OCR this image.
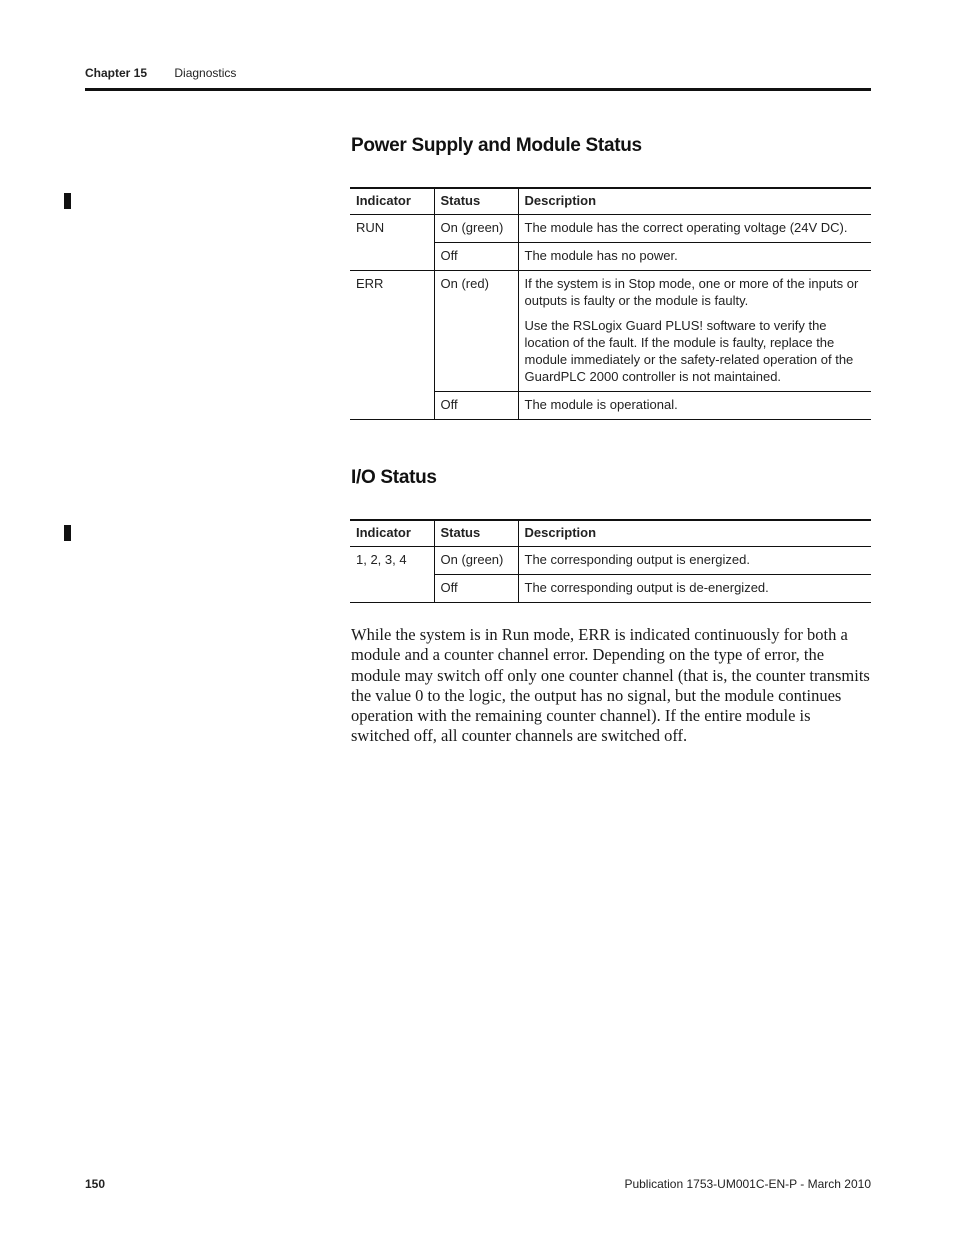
Chapter 15 Diagnostics
Power Supply and Module Status
Indicator	Status	Description
RUN	On (green)	The module has the correct operating voltage (24V DC).
	Off	The module has no power.
ERR	On (red)	If the system is in Stop mode, one or more of the inputs or outputs is faulty or the module is faulty.
Use the RSLogix Guard PLUS! software to verify the location of the fault. If the module is faulty, replace the module immediately or the safety-related operation of the GuardPLC 2000 controller is not maintained.

	Off	The module is operational.
I/O Status
Indicator	Status	Description
1, 2, 3, 4	On (green)	The corresponding output is energized.
	Off	The corresponding output is de-energized.

While the system is in Run mode, ERR is indicated continuously for both a module and a counter channel error. Depending on the type of error, the module may switch off only one counter channel (that is, the counter transmits the value 0 to the logic, the output has no signal, but the module continues operation with the remaining counter channel). If the entire module is switched off, all counter channels are switched off.

150	Publication 1753-UM001C-EN-P - March 2010
